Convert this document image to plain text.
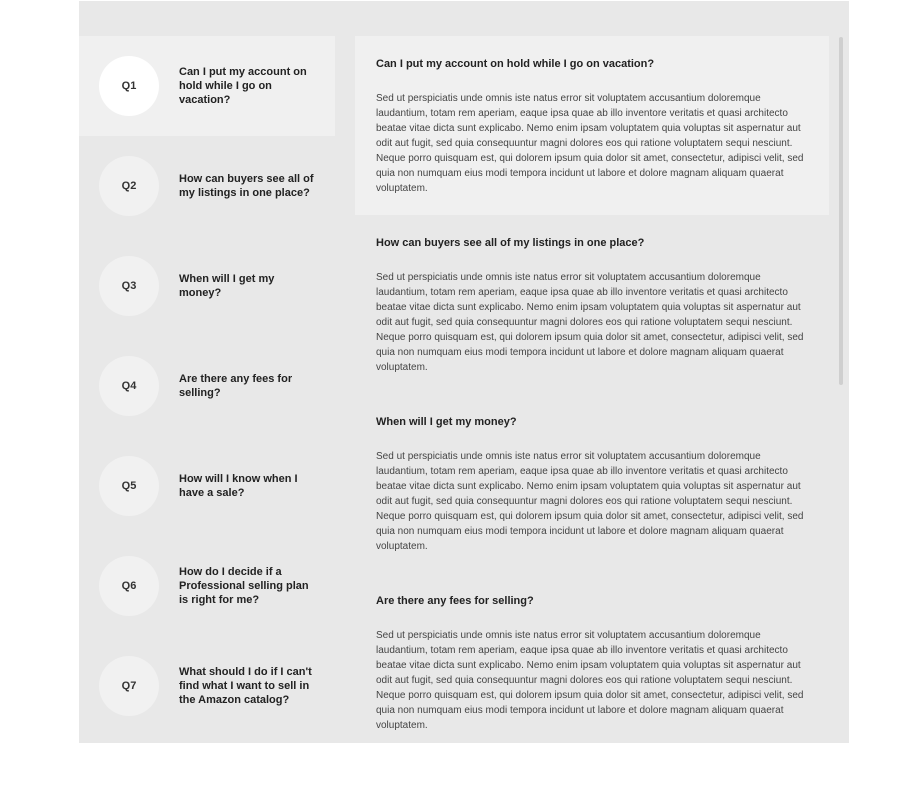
Q1
Can I put my account on hold while I go on vacation?
Q2
How can buyers see all of my listings in one place?
Q3
When will I get my money?
Q4
Are there any fees for selling?
Q5
How will I know when I have a sale?
Q6
How do I decide if a Professional selling plan is right for me?
Q7
What should I do if I can't find what I want to sell in the Amazon catalog?
Can I put my account on hold while I go on vacation?

Sed ut perspiciatis unde omnis iste natus error sit voluptatem accusantium doloremque laudantium, totam rem aperiam, eaque ipsa quae ab illo inventore veritatis et quasi architecto beatae vitae dicta sunt explicabo. Nemo enim ipsam voluptatem quia voluptas sit aspernatur aut odit aut fugit, sed quia consequuntur magni dolores eos qui ratione voluptatem sequi nesciunt. Neque porro quisquam est, qui dolorem ipsum quia dolor sit amet, consectetur, adipisci velit, sed quia non numquam eius modi tempora incidunt ut labore et dolore magnam aliquam quaerat voluptatem.

How can buyers see all of my listings in one place?

Sed ut perspiciatis unde omnis iste natus error sit voluptatem accusantium doloremque laudantium, totam rem aperiam, eaque ipsa quae ab illo inventore veritatis et quasi architecto beatae vitae dicta sunt explicabo. Nemo enim ipsam voluptatem quia voluptas sit aspernatur aut odit aut fugit, sed quia consequuntur magni dolores eos qui ratione voluptatem sequi nesciunt. Neque porro quisquam est, qui dolorem ipsum quia dolor sit amet, consectetur, adipisci velit, sed quia non numquam eius modi tempora incidunt ut labore et dolore magnam aliquam quaerat voluptatem.

When will I get my money?

Sed ut perspiciatis unde omnis iste natus error sit voluptatem accusantium doloremque laudantium, totam rem aperiam, eaque ipsa quae ab illo inventore veritatis et quasi architecto beatae vitae dicta sunt explicabo. Nemo enim ipsam voluptatem quia voluptas sit aspernatur aut odit aut fugit, sed quia consequuntur magni dolores eos qui ratione voluptatem sequi nesciunt. Neque porro quisquam est, qui dolorem ipsum quia dolor sit amet, consectetur, adipisci velit, sed quia non numquam eius modi tempora incidunt ut labore et dolore magnam aliquam quaerat voluptatem.

Are there any fees for selling?

Sed ut perspiciatis unde omnis iste natus error sit voluptatem accusantium doloremque laudantium, totam rem aperiam, eaque ipsa quae ab illo inventore veritatis et quasi architecto beatae vitae dicta sunt explicabo. Nemo enim ipsam voluptatem quia voluptas sit aspernatur aut odit aut fugit, sed quia consequuntur magni dolores eos qui ratione voluptatem sequi nesciunt. Neque porro quisquam est, qui dolorem ipsum quia dolor sit amet, consectetur, adipisci velit, sed quia non numquam eius modi tempora incidunt ut labore et dolore magnam aliquam quaerat voluptatem.
